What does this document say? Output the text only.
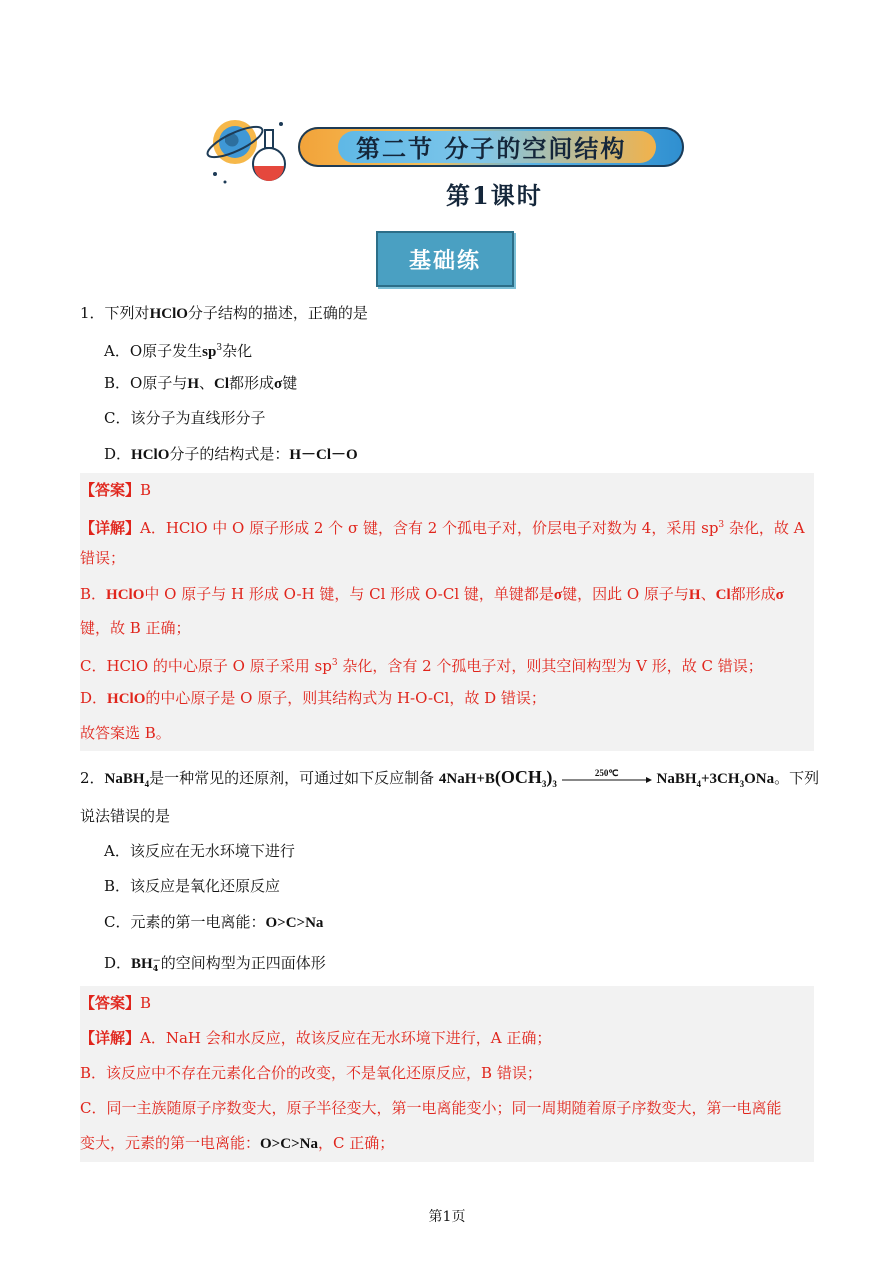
第二节 分子的空间结构
第1课时
基础练
1．下列对HClO分子结构的描述，正确的是
A．O原子发生$sp^3$杂化
B．O原子与H、Cl都形成σ键
C．该分子为直线形分子
D．HClO分子的结构式是：H－Cl－O
【答案】B
【详解】A．HClO 中 O 原子形成 2 个 σ 键，含有 2 个孤电子对，价层电子对数为 4，采用 $sp^3$ 杂化，故 A
错误；
B．HClO中 O 原子与 H 形成 O-H 键，与 Cl 形成 O-Cl 键，单键都是σ键，因此 O 原子与H、Cl都形成σ
键，故 B 正确；
C．HClO 的中心原子 O 原子采用 $sp^3$ 杂化，含有 2 个孤电子对，则其空间构型为 V 形，故 C 错误；
D．HClO的中心原子是 O 原子，则其结构式为 H-O-Cl，故 D 错误；
故答案选 B。
2．NaBH$_4$是一种常见的还原剂，可通过如下反应制备 $4NaH+B(OCH_3)_3$
250℃	$NaBH_4+3CH_3ONa$。下列
说法错误的是
A．该反应在无水环境下进行
B．该反应是氧化还原反应
C．元素的第一电离能：O>C>Na
D．BH－
4 的空间构型为正四面体形
【答案】B
【详解】A．NaH 会和水反应，故该反应在无水环境下进行，A 正确；
B．该反应中不存在元素化合价的改变，不是氧化还原反应，B 错误；
C．同一主族随原子序数变大，原子半径变大，第一电离能变小；同一周期随着原子序数变大，第一电离能
变大，元素的第一电离能：O>C>Na，C 正确；
第1页
